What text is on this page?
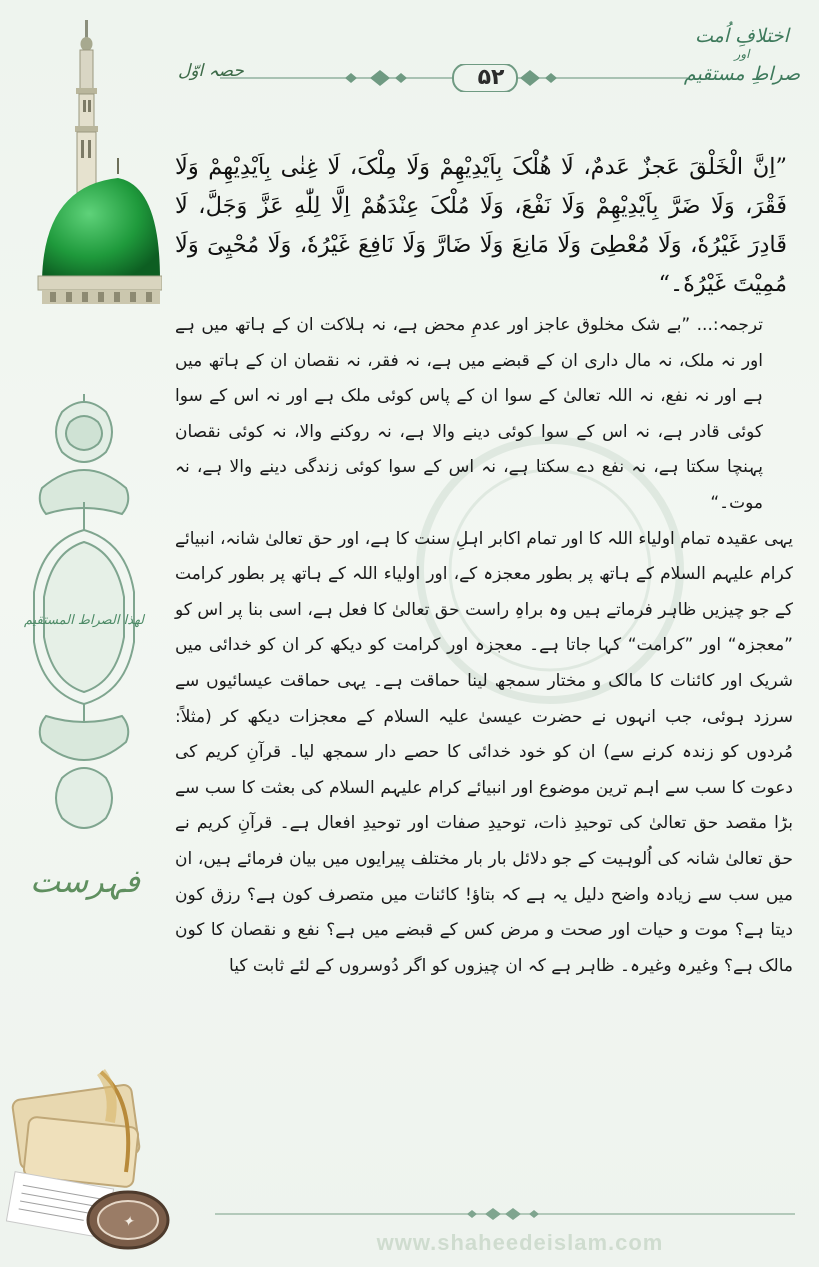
لھذا الصراط المستقیم
فہرست
✦
حصہ اوّل	۵۲
اختلافِ اُمت
اور
صراطِ مستقیم

”اِنَّ الْخَلْقَ عَجزٌ عَدمٌ، لَا هُلْکَ بِاَيْدِيْهِمْ وَلَا مِلْکَ، لَا غِنٰی بِاَيْدِيْهِمْ وَلَا فَقْرَ، وَلَا ضَرَّ بِاَيْدِيْهِمْ وَلَا نَفْعَ، وَلَا مُلْکَ عِنْدَهُمْ اِلَّا لِلّٰهِ عَزَّ وَجَلَّ، لَا قَادِرَ غَيْرُهٗ، وَلَا مُعْطِیَ وَلَا مَانِعَ وَلَا ضَارَّ وَلَا نَافِعَ غَيْرُهٗ، وَلَا مُحْيِیَ وَلَا مُمِيْتَ غَيْرُهٗ۔“

ترجمہ:... ”بے شک مخلوق عاجز اور عدمِ محض ہے، نہ ہلاکت ان کے ہاتھ میں ہے اور نہ ملک، نہ مال داری ان کے قبضے میں ہے، نہ فقر، نہ نقصان ان کے ہاتھ میں ہے اور نہ نفع، نہ اللہ تعالیٰ کے سوا ان کے پاس کوئی ملک ہے اور نہ اس کے سوا کوئی قادر ہے، نہ اس کے سوا کوئی دینے والا ہے، نہ روکنے والا، نہ کوئی نقصان پہنچا سکتا ہے، نہ نفع دے سکتا ہے، نہ اس کے سوا کوئی زندگی دینے والا ہے، نہ موت۔“

یہی عقیدہ تمام اولیاء اللہ کا اور تمام اکابر اہلِ سنت کا ہے، اور حق تعالیٰ شانہ، انبیائے کرام علیہم السلام کے ہاتھ پر بطور معجزہ کے، اور اولیاء اللہ کے ہاتھ پر بطور کرامت کے جو چیزیں ظاہر فرماتے ہیں وہ براہِ راست حق تعالیٰ کا فعل ہے، اسی بنا پر اس کو ”معجزہ“ اور ”کرامت“ کہا جاتا ہے۔ معجزہ اور کرامت کو دیکھ کر ان کو خدائی میں شریک اور کائنات کا مالک و مختار سمجھ لینا حماقت ہے۔ یہی حماقت عیسائیوں سے سرزد ہوئی، جب انہوں نے حضرت عیسیٰ علیہ السلام کے معجزات دیکھ کر (مثلاً: مُردوں کو زندہ کرنے سے) ان کو خود خدائی کا حصے دار سمجھ لیا۔ قرآنِ کریم کی دعوت کا سب سے اہم ترین موضوع اور انبیائے کرام علیہم السلام کی بعثت کا سب سے بڑا مقصد حق تعالیٰ کی توحیدِ ذات، توحیدِ صفات اور توحیدِ افعال ہے۔ قرآنِ کریم نے حق تعالیٰ شانہ کی اُلوہیت کے جو دلائل بار بار مختلف پیرایوں میں بیان فرمائے ہیں، ان میں سب سے زیادہ واضح دلیل یہ ہے کہ بتاؤ! کائنات میں متصرف کون ہے؟ رزق کون دیتا ہے؟ موت و حیات اور صحت و مرض کس کے قبضے میں ہے؟ نفع و نقصان کا کون مالک ہے؟ وغیرہ وغیرہ۔ ظاہر ہے کہ ان چیزوں کو اگر دُوسروں کے لئے ثابت کیا

www.shaheedeislam.com
